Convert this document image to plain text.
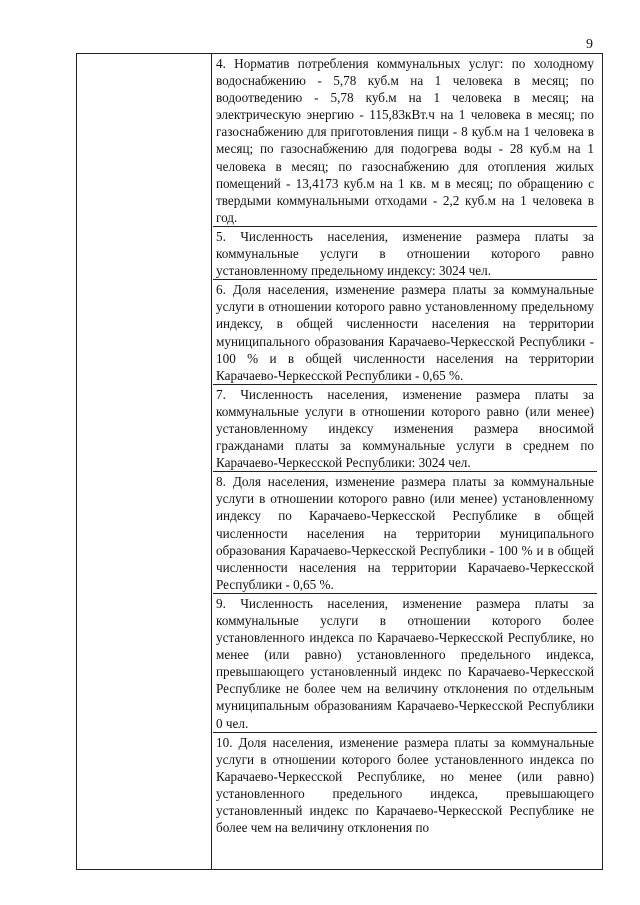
9

4. Норматив потребления коммунальных услуг: по холодному водоснабжению - 5,78 куб.м на 1 человека в месяц; по водоотведению - 5,78 куб.м на 1 человека в месяц; на электрическую энергию - 115,83кВт.ч на 1 человека в месяц; по газоснабжению для приготовления пищи - 8 куб.м на 1 человека в месяц; по газоснабжению для подогрева воды - 28 куб.м на 1 человека в месяц; по газоснабжению для отопления жилых помещений - 13,4173 куб.м на 1 кв. м в месяц; по обращению с твердыми коммунальными отходами - 2,2 куб.м на 1 человека в год.

5. Численность населения, изменение размера платы за коммунальные услуги в отношении которого равно установленному предельному индексу: 3024 чел.

6. Доля населения, изменение размера платы за коммунальные услуги в отношении которого равно установленному предельному индексу, в общей численности населения на территории муниципального образования Карачаево-Черкесской Республики - 100 % и в общей численности населения на территории Карачаево-Черкесской Республики - 0,65 %.

7. Численность населения, изменение размера платы за коммунальные услуги в отношении которого равно (или менее) установленному индексу изменения размера вносимой гражданами платы за коммунальные услуги в среднем по Карачаево-Черкесской Республики: 3024 чел.

8. Доля населения, изменение размера платы за коммунальные услуги в отношении которого равно (или менее) установленному индексу по Карачаево-Черкесской Республике в общей численности населения на территории муниципального образования Карачаево-Черкесской Республики - 100 % и в общей численности населения на территории Карачаево-Черкесской Республики - 0,65 %.

9. Численность населения, изменение размера платы за коммунальные услуги в отношении которого более установленного индекса по Карачаево-Черкесской Республике, но менее (или равно) установленного предельного индекса, превышающего установленный индекс по Карачаево-Черкесской Республике не более чем на величину отклонения по отдельным муниципальным образованиям Карачаево-Черкесской Республики 0 чел.

10. Доля населения, изменение размера платы за коммунальные услуги в отношении которого более установленного индекса по Карачаево-Черкесской Республике, но менее (или равно) установленного предельного индекса, превышающего установленный индекс по Карачаево-Черкесской Республике не более чем на величину отклонения по
